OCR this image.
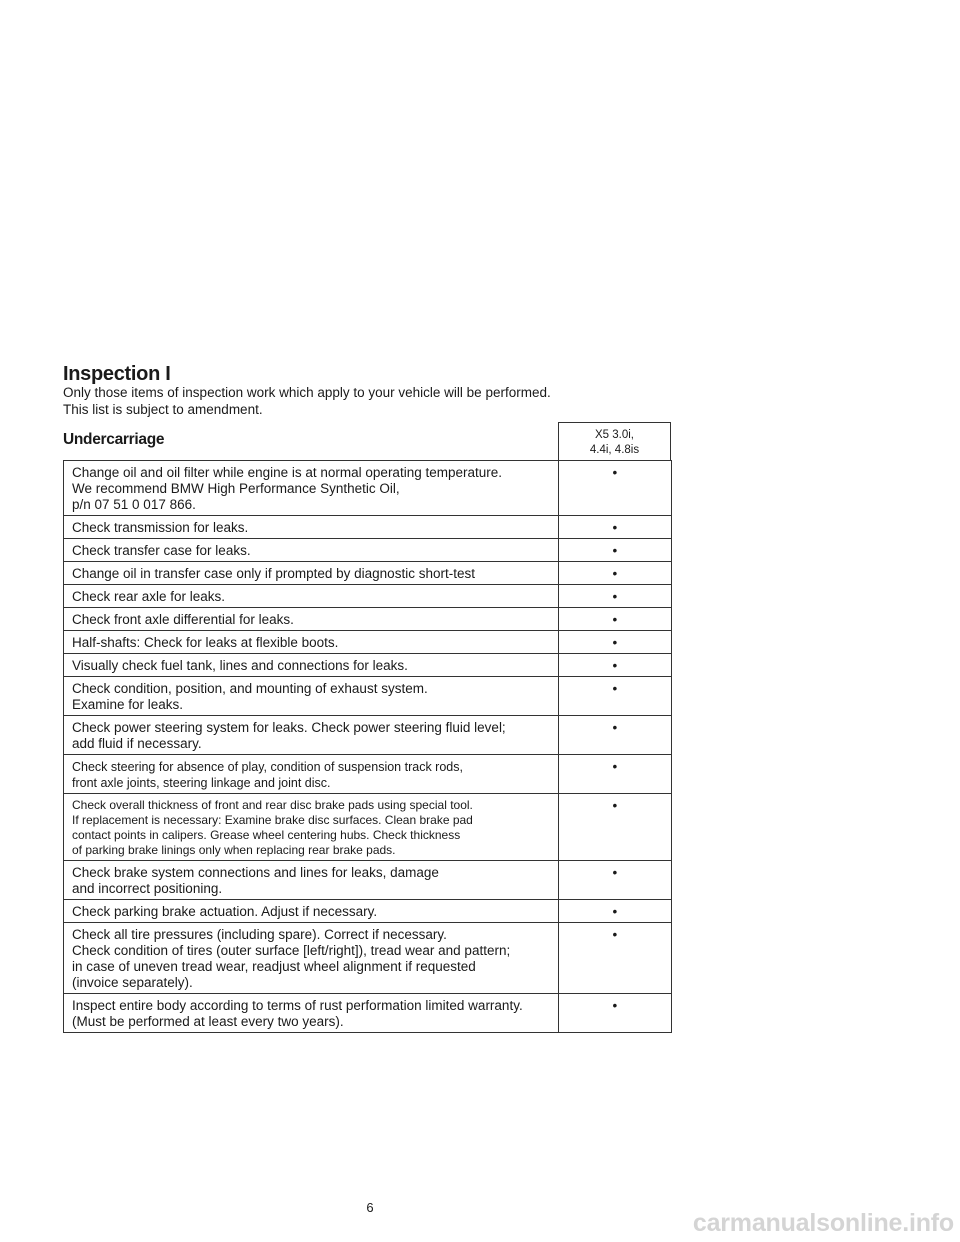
Inspection I
Only those items of inspection work which apply to your vehicle will be performed.
This list is subject to amendment.
Undercarriage	X5 3.0i,
4.4i, 4.8is
Change oil and oil filter while engine is at normal operating temperature.
We recommend BMW High Performance Synthetic Oil,
p/n 07 51 0 017 866.	•

Check transmission for leaks.	•

Check transfer case for leaks.	•

Change oil in transfer case only if prompted by diagnostic short-test	•

Check rear axle for leaks.	•

Check front axle differential for leaks.	•

Half-shafts: Check for leaks at flexible boots.	•

Visually check fuel tank, lines and connections for leaks.	•

Check condition, position, and mounting of exhaust system.
Examine for leaks.	•

Check power steering system for leaks. Check power steering fluid level;
add fluid if necessary.	•

Check steering for absence of play, condition of suspension track rods,
front axle joints, steering linkage and joint disc.	•

Check overall thickness of front and rear disc brake pads using special tool.
If replacement is necessary: Examine brake disc surfaces. Clean brake pad
contact points in calipers. Grease wheel centering hubs. Check thickness
of parking brake linings only when replacing rear brake pads.	•

Check brake system connections and lines for leaks, damage
and incorrect positioning.	•

Check parking brake actuation. Adjust if necessary.	•

Check all tire pressures (including spare). Correct if necessary.
Check condition of tires (outer surface [left/right]), tread wear and pattern;
in case of uneven tread wear, readjust wheel alignment if requested
(invoice separately).	•

Inspect entire body according to terms of rust performation limited warranty.
(Must be performed at least every two years).	•
6
carmanualsonline.info
